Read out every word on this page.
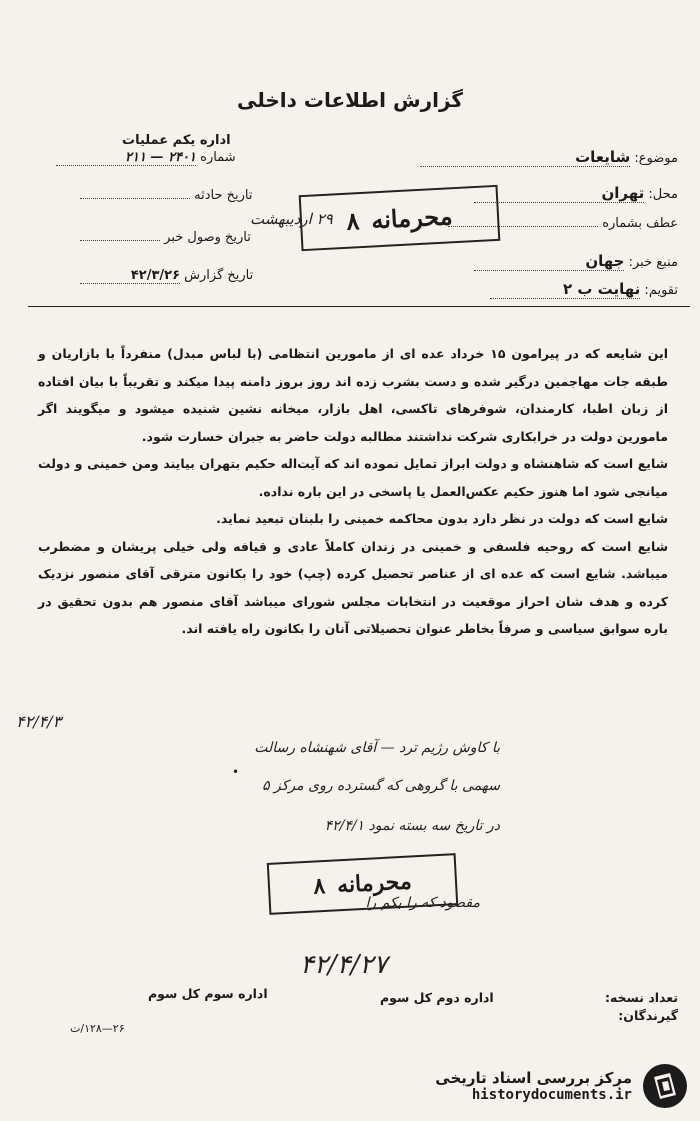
گزارش اطلاعات داخلی
اداره یکم عملیات
شماره ۲۴۰۱ — ۲۱۱
تاریخ حادثه
تاریخ وصول خبر
تاریخ گزارش ۴۲/۳/۲۶
موضوع: شایعات
محل: تهران
عطف بشماره
منبع خبر: جهان
تقویم: نهایت ب ۲
۸ محرمانه
۲۹ اردیبهشت

این شایعه که در پیرامون ۱۵ خرداد عده ای از مامورین انتظامی (با لباس مبدل) منفرداً با بازاریان و طبقه جات مهاجمین درگیر شده و دست بشرب زده اند روز بروز دامنه پیدا میکند و تقریباً با بیان افتاده از زبان اطبا، کارمندان، شوفرهای تاکسی، اهل بازار، میخانه نشین شنیده میشود و میگویند اگر مامورین دولت در خرابکاری شرکت نداشتند مطالبه دولت حاضر به جبران خسارت شود.

شایع است که شاهنشاه و دولت ابراز تمایل نموده اند که آیت‌اله حکیم بتهران بیایند ومن خمینی و دولت میانجی شود اما هنوز حکیم عکس‌العمل یا پاسخی در این باره نداده.

شایع است که دولت در نظر دارد بدون محاکمه خمینی را بلبنان تبعید نماید.

شایع است که روحیه فلسفی و خمینی در زندان کاملاً عادی و قیافه ولی خیلی پریشان و مضطرب میباشد. شایع است که عده ای از عناصر تحصیل کرده (چپ) خود را بکانون مترقی آقای منصور نزدیک کرده و هدف شان احراز موقعیت در انتخابات مجلس شورای میباشد آقای منصور هم بدون تحقیق در باره سوابق سیاسی و صرفاً بخاطر عنوان تحصیلاتی آنان را بکانون راه یافته اند.

۴۲/۴/۳
•
با کاوش رژیم ترد — آقای شهنشاه رسالت
سهمی با گروهی که گسترده روی مرکز ۵
در تاریخ سه بسته نمود ۴۲/۴/۱
مقصود که را بکم را
۸ محرمانه
۴۲/۴/۲۷
تعداد نسخه:
گیرندگان:
اداره دوم کل سوم
اداره سوم کل سوم
۲۶—۱۲۸/ت
مرکز بررسی اسناد تاریخی
historydocuments.ir
